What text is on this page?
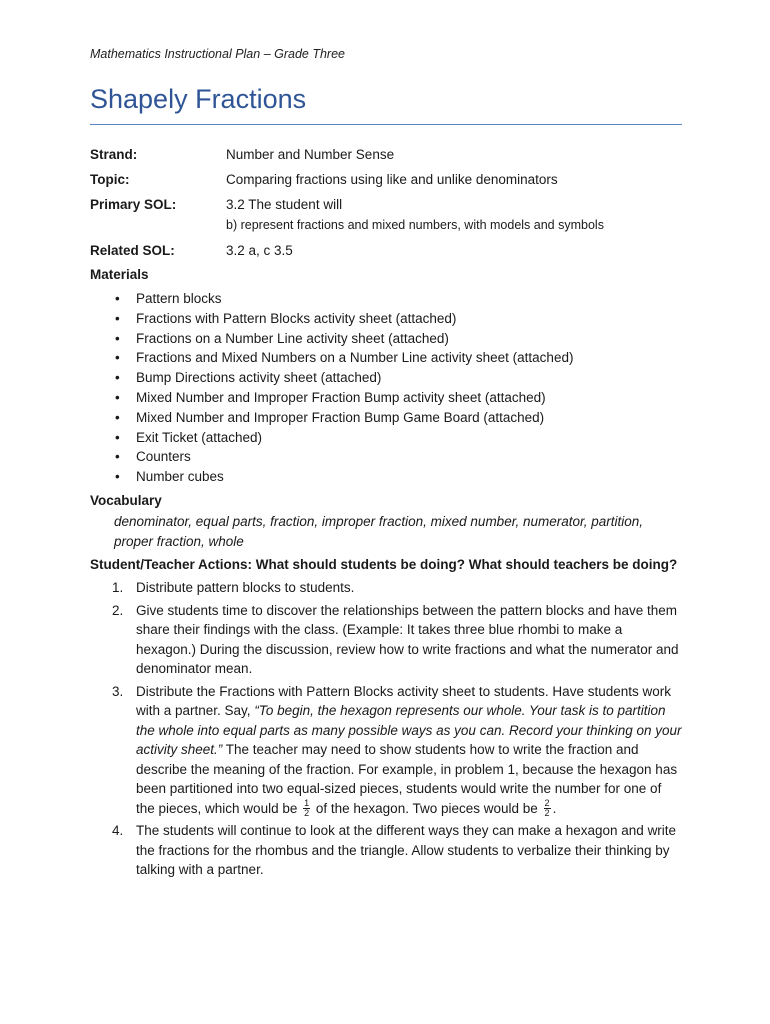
Mathematics Instructional Plan – Grade Three
Shapely Fractions
Strand:	Number and Number Sense
Topic:	Comparing fractions using like and unlike denominators
Primary SOL:	3.2 The student will
b) represent fractions and mixed numbers, with models and symbols
Related SOL:	3.2 a, c 3.5
Materials
• Pattern blocks
• Fractions with Pattern Blocks activity sheet (attached)
• Fractions on a Number Line activity sheet (attached)
• Fractions and Mixed Numbers on a Number Line activity sheet (attached)
• Bump Directions activity sheet (attached)
• Mixed Number and Improper Fraction Bump activity sheet (attached)
• Mixed Number and Improper Fraction Bump Game Board (attached)
• Exit Ticket (attached)
• Counters
• Number cubes
Vocabulary
denominator, equal parts, fraction, improper fraction, mixed number, numerator, partition, proper fraction, whole
Student/Teacher Actions: What should students be doing? What should teachers be doing?
1. Distribute pattern blocks to students.
2. Give students time to discover the relationships between the pattern blocks and have them share their findings with the class. (Example: It takes three blue rhombi to make a hexagon.) During the discussion, review how to write fractions and what the numerator and denominator mean.
3. Distribute the Fractions with Pattern Blocks activity sheet to students. Have students work with a partner. Say, “To begin, the hexagon represents our whole. Your task is to partition the whole into equal parts as many possible ways as you can. Record your thinking on your activity sheet.” The teacher may need to show students how to write the fraction and describe the meaning of the fraction. For example, in problem 1, because the hexagon has been partitioned into two equal-sized pieces, students would write the number for one of the pieces, which would be $\frac{1}{2}$ of the hexagon. Two pieces would be $\frac{2}{2}$ .
4. The students will continue to look at the different ways they can make a hexagon and write the fractions for the rhombus and the triangle. Allow students to verbalize their thinking by talking with a partner.
